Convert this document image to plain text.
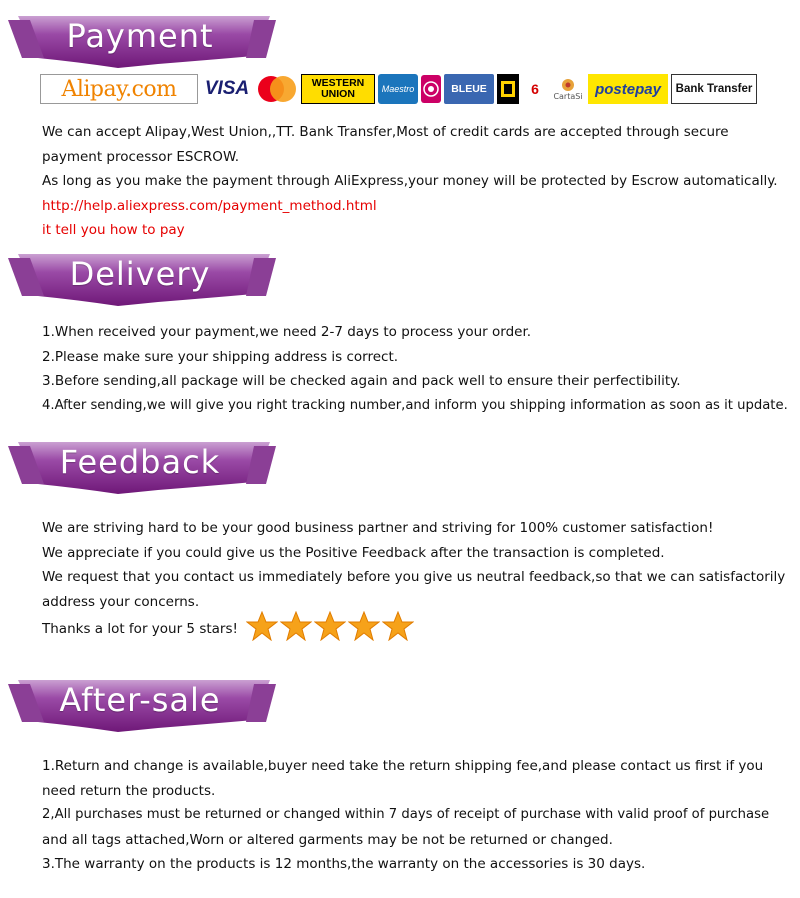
Payment
Alipay.com	VISA	WESTERN
UNION	Maestro	BLEUE	6	CartaSi postepay	Bank Transfer

We can accept Alipay,West Union,,TT. Bank Transfer,Most of credit cards are accepted through secure

payment processor ESCROW.

As long as you make the payment through AliExpress,your money will be protected by Escrow automatically.

http://help.aliexpress.com/payment_method.html

it tell you how to pay

Delivery

1.When received your payment,we need 2-7 days to process your order.

2.Please make sure your shipping address is correct.

3.Before sending,all package will be checked again and pack well to ensure their perfectibility.

4.After sending,we will give you right tracking number,and inform you shipping information as soon as it update.

Feedback

We are striving hard to be your good business partner and striving for 100% customer satisfaction!

We appreciate if you could give us the Positive Feedback after the transaction is completed.

We request that you contact us immediately before you give us neutral feedback,so that we can satisfactorily

address your concerns.

Thanks a lot for your 5 stars!

After-sale

1.Return and change is available,buyer need take the return shipping fee,and please contact us first if you

need return the products.

2,All purchases must be returned or changed within 7 days of receipt of purchase with valid proof of purchase

and all tags attached,Worn or altered garments may be not be returned or changed.

3.The warranty on the products is 12 months,the warranty on the accessories is 30 days.
